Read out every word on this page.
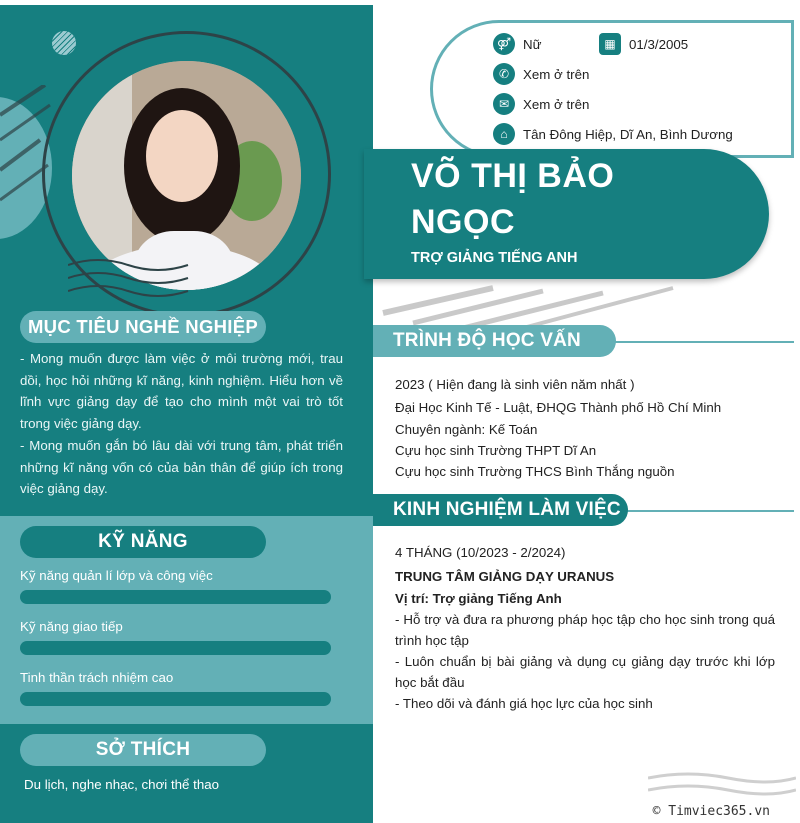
MỤC TIÊU NGHỀ NGHIỆP
- Mong muốn được làm việc ở môi trường mới, trau dồi, học hỏi những kĩ năng, kinh nghiệm. Hiểu hơn về lĩnh vực giảng dạy để tạo cho mình một vai trò tốt trong việc giảng dạy.
- Mong muốn gắn bó lâu dài với trung tâm, phát triển những kĩ năng vốn có của bản thân để giúp ích trong việc giảng dạy.
KỸ NĂNG
Kỹ năng quản lí lớp và công việc
Kỹ năng giao tiếp
Tinh thần trách nhiệm cao
SỞ THÍCH
Du lịch, nghe nhạc, chơi thể thao
⚤ Nữ	▦	01/3/2005
✆	Xem ở trên
✉	Xem ở trên
⌂	Tân Đông Hiệp, Dĩ An, Bình Dương
VÕ THỊ BẢO
NGỌC
TRỢ GIẢNG TIẾNG ANH
TRÌNH ĐỘ HỌC VẤN
2023 ( Hiện đang là sinh viên năm nhất )
Đại Học Kinh Tế - Luật, ĐHQG Thành phố Hồ Chí Minh
Chuyên ngành: Kế Toán
Cựu học sinh Trường THPT Dĩ An
Cựu học sinh Trường THCS Bình Thắng nguồn
KINH NGHIỆM LÀM VIỆC
4 THÁNG (10/2023 - 2/2024)
TRUNG TÂM GIẢNG DẠY URANUS
Vị trí: Trợ giảng Tiếng Anh
- Hỗ trợ và đưa ra phương pháp học tập cho học sinh trong quá trình học tập
- Luôn chuẩn bị bài giảng và dụng cụ giảng dạy trước khi lớp học bắt đầu
- Theo dõi và đánh giá học lực của học sinh
© Timviec365.vn
